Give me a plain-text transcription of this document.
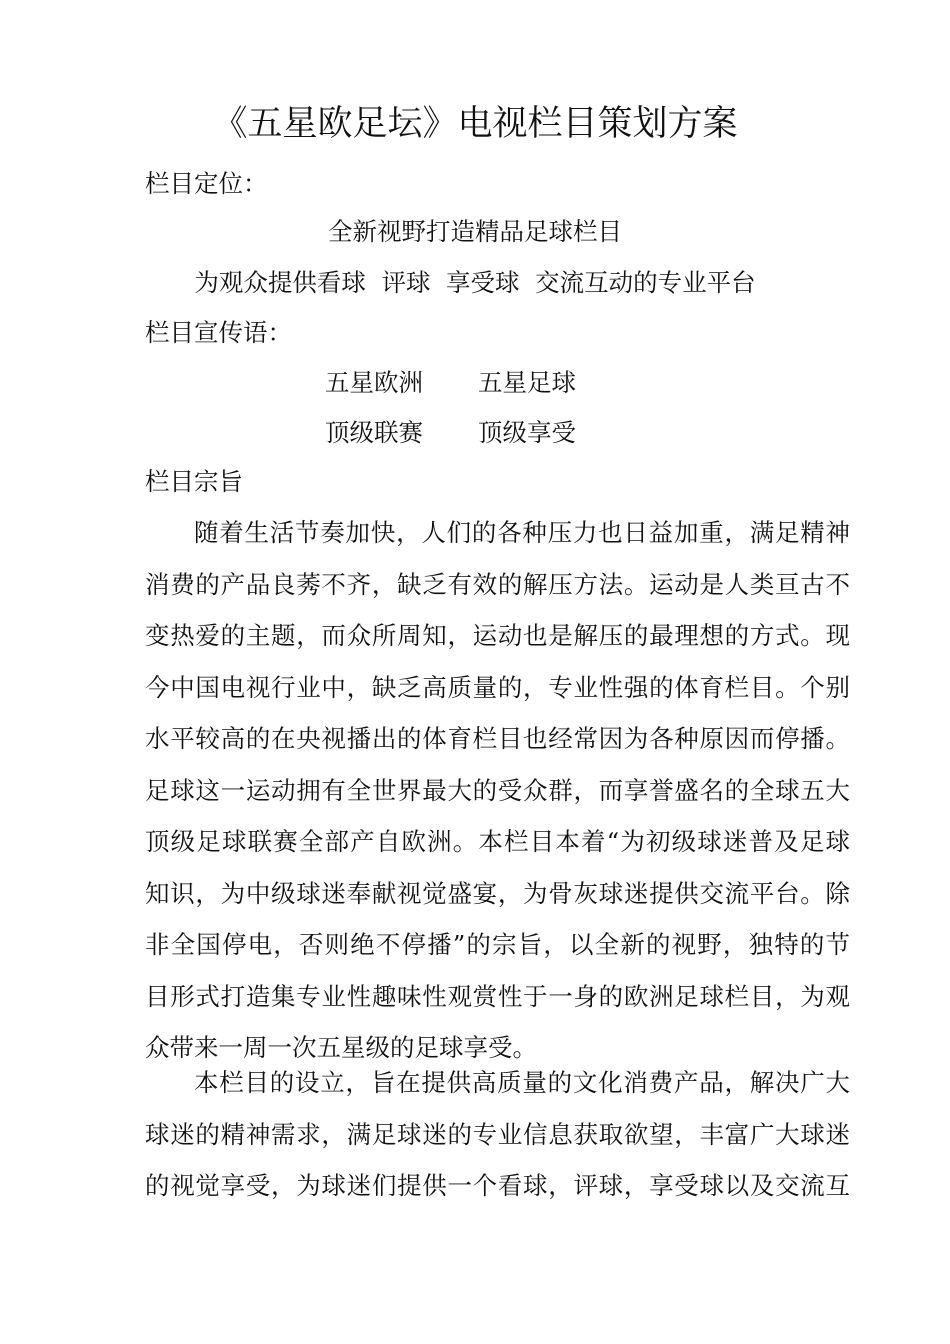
《五星欧足坛》电视栏目策划方案
栏目定位：
全新视野打造精品足球栏目
为观众提供看球  评球  享受球  交流互动的专业平台
栏目宣传语：
五星欧洲 五星足球
顶级联赛 顶级享受
栏目宗旨
随着生活节奏加快，人们的各种压力也日益加重，满足精神
消费的产品良莠不齐，缺乏有效的解压方法。运动是人类亘古不
变热爱的主题，而众所周知，运动也是解压的最理想的方式。现
今中国电视行业中，缺乏高质量的，专业性强的体育栏目。个别
水平较高的在央视播出的体育栏目也经常因为各种原因而停播。
足球这一运动拥有全世界最大的受众群，而享誉盛名的全球五大
顶级足球联赛全部产自欧洲。本栏目本着“为初级球迷普及足球
知识，为中级球迷奉献视觉盛宴，为骨灰球迷提供交流平台。除
非全国停电，否则绝不停播”的宗旨，以全新的视野，独特的节
目形式打造集专业性趣味性观赏性于一身的欧洲足球栏目，为观
众带来一周一次五星级的足球享受。
本栏目的设立，旨在提供高质量的文化消费产品，解决广大
球迷的精神需求，满足球迷的专业信息获取欲望，丰富广大球迷
的视觉享受，为球迷们提供一个看球，评球，享受球以及交流互
